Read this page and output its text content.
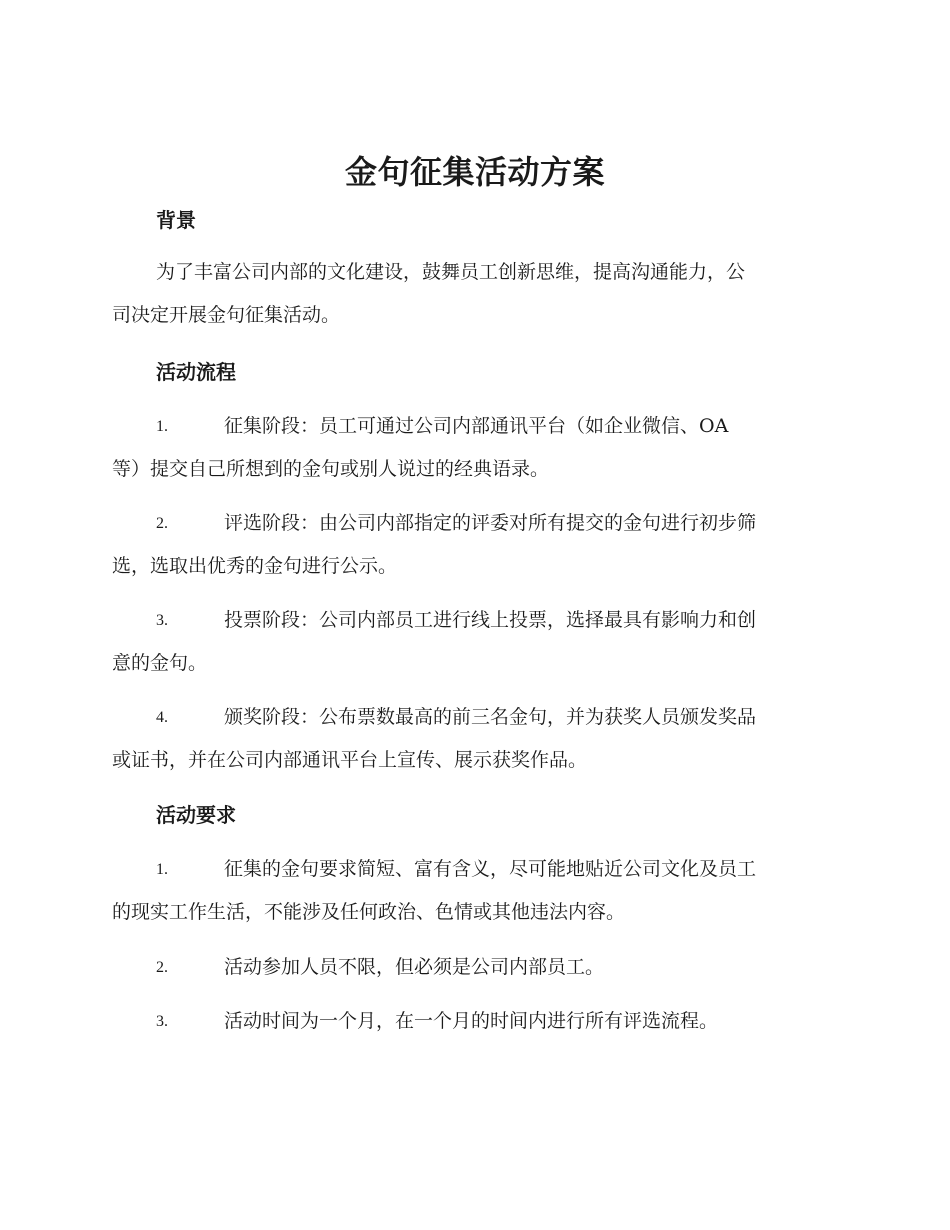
金句征集活动方案
背景

为了丰富公司内部的文化建设，鼓舞员工创新思维，提高沟通能力，公
司决定开展金句征集活动。

活动流程
1.	征集阶段：员工可通过公司内部通讯平台（如企业微信、OA
等）提交自己所想到的金句或别人说过的经典语录。
2.	评选阶段：由公司内部指定的评委对所有提交的金句进行初步筛
选，选取出优秀的金句进行公示。
3.	投票阶段：公司内部员工进行线上投票，选择最具有影响力和创
意的金句。
4.	颁奖阶段：公布票数最高的前三名金句，并为获奖人员颁发奖品
或证书，并在公司内部通讯平台上宣传、展示获奖作品。
活动要求
1.	征集的金句要求简短、富有含义，尽可能地贴近公司文化及员工
的现实工作生活，不能涉及任何政治、色情或其他违法内容。
2.	活动参加人员不限，但必须是公司内部员工。
3.	活动时间为一个月，在一个月的时间内进行所有评选流程。
